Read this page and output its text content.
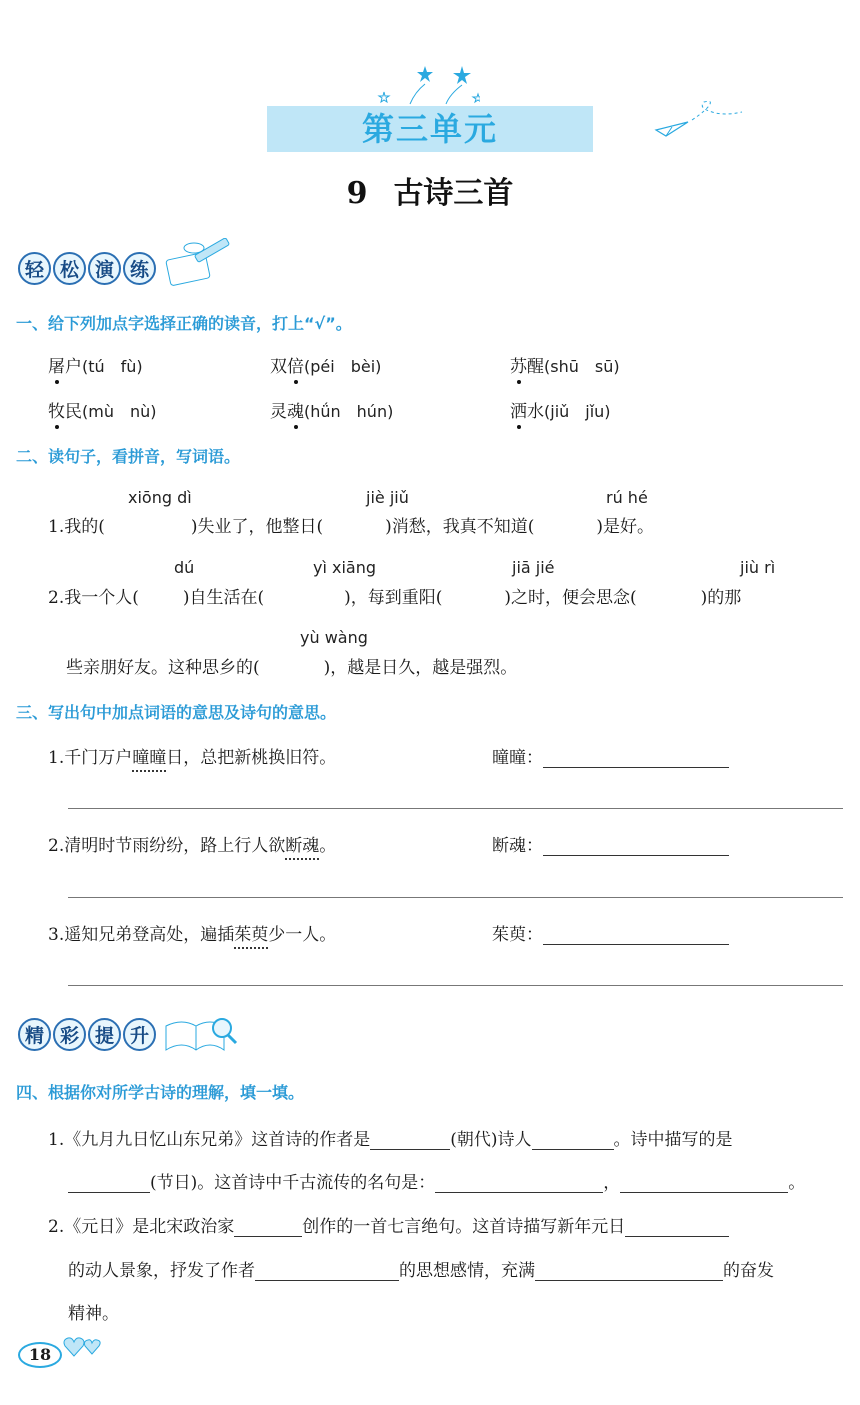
第三单元
9 古诗三首
轻 松 演 练
一、给下列加点字选择正确的读音，打上“√”。
屠户(tú　fù)	双倍(péi　bèi)	苏醒(shū　sū)
牧民(mù　nù)	灵魂(hǘn　hún)	洒水(jiǔ　jǐu)
二、读句子，看拼音，写词语。
xiōng dì	jiè jiǔ	rú hé
1.我的(	)失业了，他整日(	)消愁，我真不知道(	)是好。
dú	yì xiāng	jiā jié	jiù rì
2.我一个人(	)自生活在(	)，每到重阳(	)之时，便会思念(	)的那
yù wàng
些亲朋好友。这种思乡的(	)，越是日久，越是强烈。
三、写出句中加点词语的意思及诗句的意思。
1.千门万户曈曈日，总把新桃换旧符。	曈曈：
2.清明时节雨纷纷，路上行人欲断魂。	断魂：
3.遥知兄弟登高处，遍插茱萸少一人。	茱萸：
精 彩 提 升
四、根据你对所学古诗的理解，填一填。
1.《九月九日忆山东兄弟》这首诗的作者是	(朝代)诗人	。诗中描写的是
(节日)。这首诗中千古流传的名句是：	，	。
2.《元日》是北宋政治家	创作的一首七言绝句。这首诗描写新年元日
的动人景象，抒发了作者	的思想感情，充满	的奋发
精神。
18
